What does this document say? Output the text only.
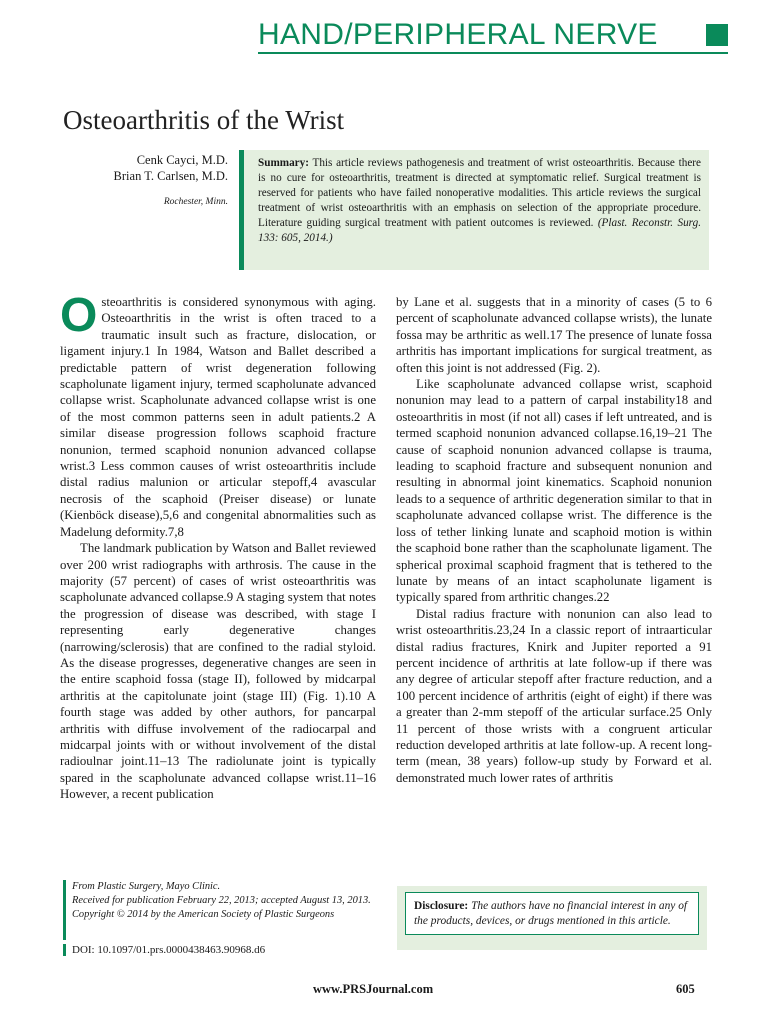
HAND/PERIPHERAL NERVE
Osteoarthritis of the Wrist
Cenk Cayci, M.D.
Brian T. Carlsen, M.D.
Rochester, Minn.
Summary: This article reviews pathogenesis and treatment of wrist osteoarthritis. Because there is no cure for osteoarthritis, treatment is directed at symptomatic relief. Surgical treatment is reserved for patients who have failed nonoperative modalities. This article reviews the surgical treatment of wrist osteoarthritis with an emphasis on selection of the appropriate procedure. Literature guiding surgical treatment with patient outcomes is reviewed. (Plast. Reconstr. Surg. 133: 605, 2014.)

Osteoarthritis is considered synonymous with aging. Osteoarthritis in the wrist is often traced to a traumatic insult such as fracture, dislocation, or ligament injury.1 In 1984, Watson and Ballet described a predictable pattern of wrist degeneration following scapholunate ligament injury, termed scapholunate advanced collapse wrist. Scapholunate advanced collapse wrist is one of the most common patterns seen in adult patients.2 A similar disease progression follows scaphoid fracture nonunion, termed scaphoid nonunion advanced collapse wrist.3 Less common causes of wrist osteoarthritis include distal radius malunion or articular stepoff,4 avascular necrosis of the scaphoid (Preiser disease) or lunate (Kienböck disease),5,6 and congenital abnormalities such as Madelung deformity.7,8

The landmark publication by Watson and Ballet reviewed over 200 wrist radiographs with arthrosis. The cause in the majority (57 percent) of cases of wrist osteoarthritis was scapholunate advanced collapse.9 A staging system that notes the progression of disease was described, with stage I representing early degenerative changes (narrowing/sclerosis) that are confined to the radial styloid. As the disease progresses, degenerative changes are seen in the entire scaphoid fossa (stage II), followed by midcarpal arthritis at the capitolunate joint (stage III) (Fig. 1).10 A fourth stage was added by other authors, for pancarpal arthritis with diffuse involvement of the radiocarpal and midcarpal joints with or without involvement of the distal radioulnar joint.11–13 The radiolunate joint is typically spared in the scapholunate advanced collapse wrist.11–16 However, a recent publication

by Lane et al. suggests that in a minority of cases (5 to 6 percent of scapholunate advanced collapse wrists), the lunate fossa may be arthritic as well.17 The presence of lunate fossa arthritis has important implications for surgical treatment, as often this joint is not addressed (Fig. 2).

Like scapholunate advanced collapse wrist, scaphoid nonunion may lead to a pattern of carpal instability18 and osteoarthritis in most (if not all) cases if left untreated, and is termed scaphoid nonunion advanced collapse.16,19–21 The cause of scaphoid nonunion advanced collapse is trauma, leading to scaphoid fracture and subsequent nonunion and resulting in abnormal joint kinematics. Scaphoid nonunion leads to a sequence of arthritic degeneration similar to that in scapholunate advanced collapse wrist. The difference is the loss of tether linking lunate and scaphoid motion is within the scaphoid bone rather than the scapholunate ligament. The spherical proximal scaphoid fragment that is tethered to the lunate by means of an intact scapholunate ligament is typically spared from arthritic changes.22

Distal radius fracture with nonunion can also lead to wrist osteoarthritis.23,24 In a classic report of intraarticular distal radius fractures, Knirk and Jupiter reported a 91 percent incidence of arthritis at late follow-up if there was any degree of articular stepoff after fracture reduction, and a 100 percent incidence of arthritis (eight of eight) if there was a greater than 2-mm stepoff of the articular surface.25 Only 11 percent of those wrists with a congruent articular reduction developed arthritis at late follow-up. A recent long-term (mean, 38 years) follow-up study by Forward et al. demonstrated much lower rates of arthritis

From Plastic Surgery, Mayo Clinic.
Received for publication February 22, 2013; accepted August 13, 2013.
Copyright © 2014 by the American Society of Plastic Surgeons
DOI: 10.1097/01.prs.0000438463.90968.d6
Disclosure: The authors have no financial interest in any of the products, devices, or drugs mentioned in this article.
www.PRSJournal.com	605
